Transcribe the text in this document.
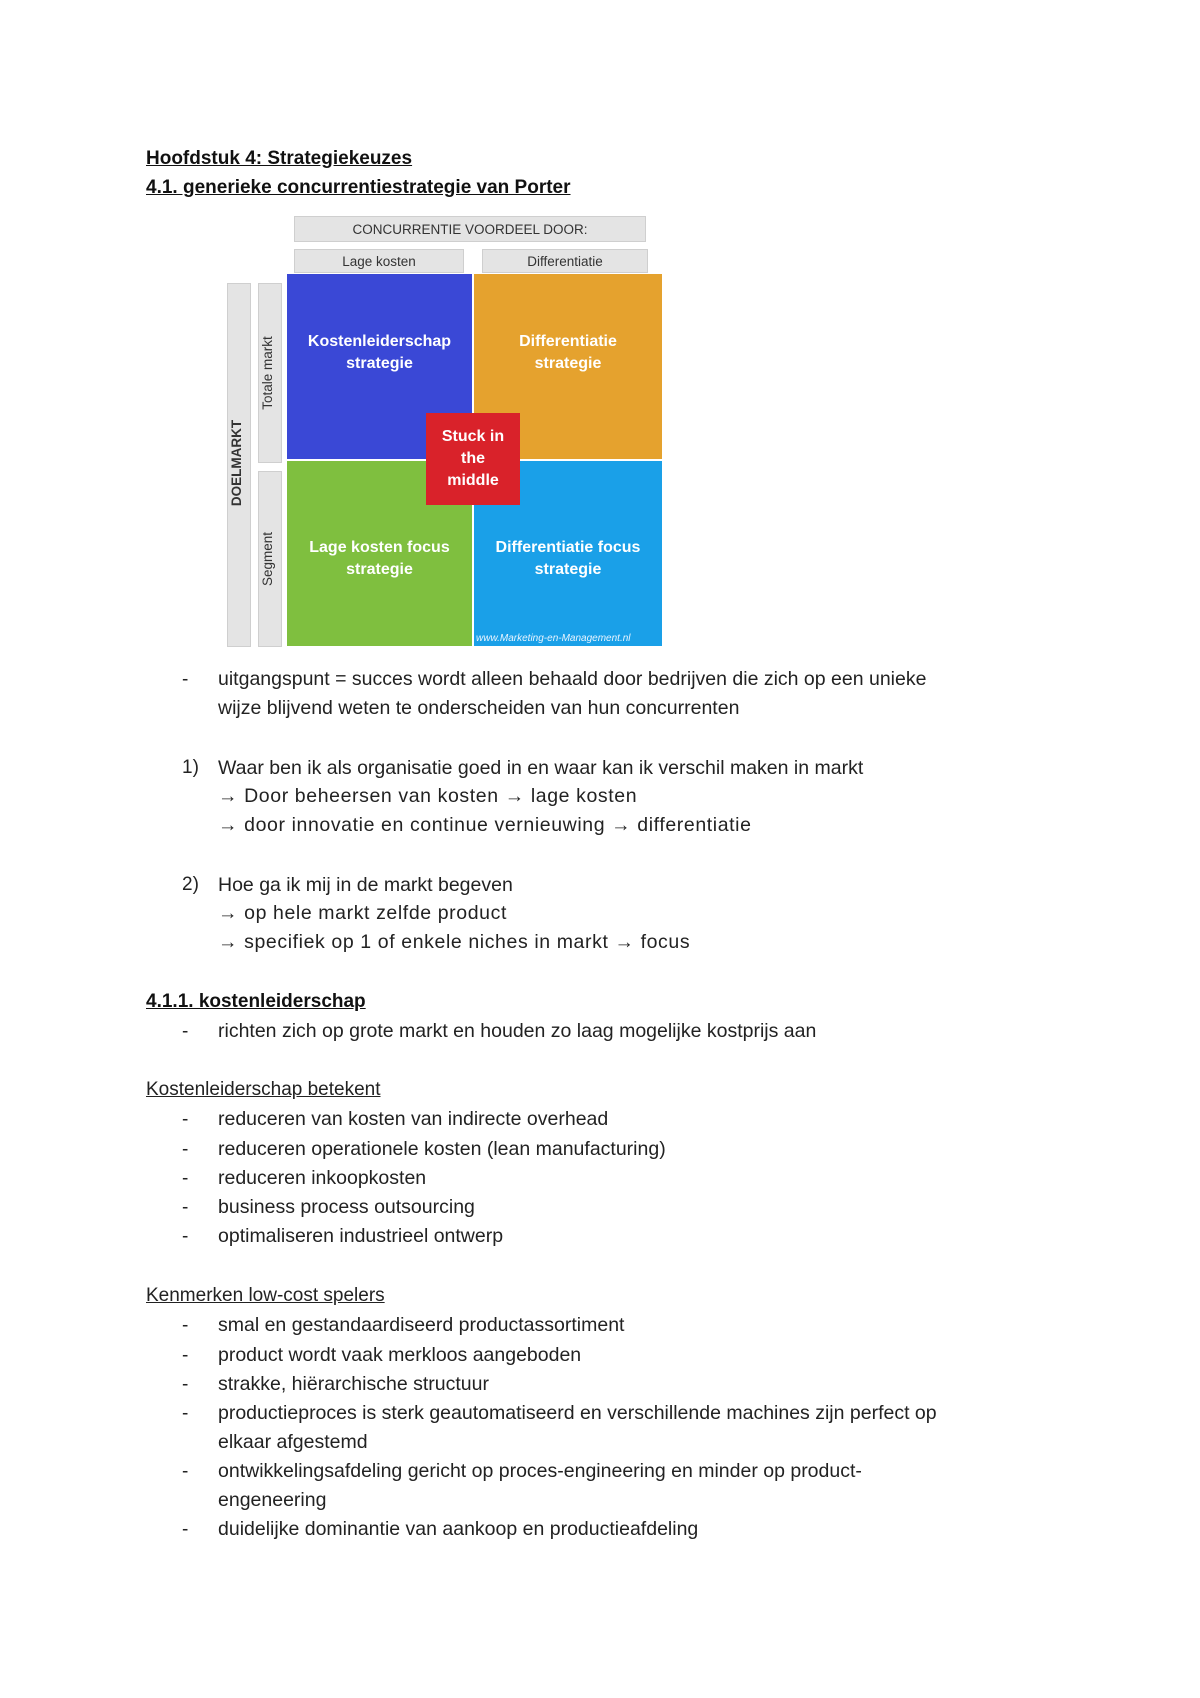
Hoofdstuk 4: Strategiekeuzes
4.1. generieke concurrentiestrategie van Porter
CONCURRENTIE VOORDEEL DOOR:
Lage kosten	Differentiatie
DOELMARKT
Totale markt
Segment
Kostenleiderschap strategie
Differentiatie strategie
Lage kosten focus strategie
Differentiatie focus strategie
Stuck in the middle
www.Marketing-en-Management.nl
- uitgangspunt = succes wordt alleen behaald door bedrijven die zich op een unieke
wijze blijvend weten te onderscheiden van hun concurrenten
1) Waar ben ik als organisatie goed in en waar kan ik verschil maken in markt
→ Door beheersen van kosten → lage kosten
→ door innovatie en continue vernieuwing → differentiatie
2) Hoe ga ik mij in de markt begeven
→ op hele markt zelfde product
→ specifiek op 1 of enkele niches in markt → focus
4.1.1. kostenleiderschap
- richten zich op grote markt en houden zo laag mogelijke kostprijs aan
Kostenleiderschap betekent
- reduceren van kosten van indirecte overhead
- reduceren operationele kosten (lean manufacturing)
- reduceren inkoopkosten
- business process outsourcing
- optimaliseren industrieel ontwerp
Kenmerken low-cost spelers
- smal en gestandaardiseerd productassortiment
- product wordt vaak merkloos aangeboden
- strakke, hiërarchische structuur
- productieproces is sterk geautomatiseerd en verschillende machines zijn perfect op
elkaar afgestemd
- ontwikkelingsafdeling gericht op proces-engineering en minder op product-
engeneering
- duidelijke dominantie van aankoop en productieafdeling
